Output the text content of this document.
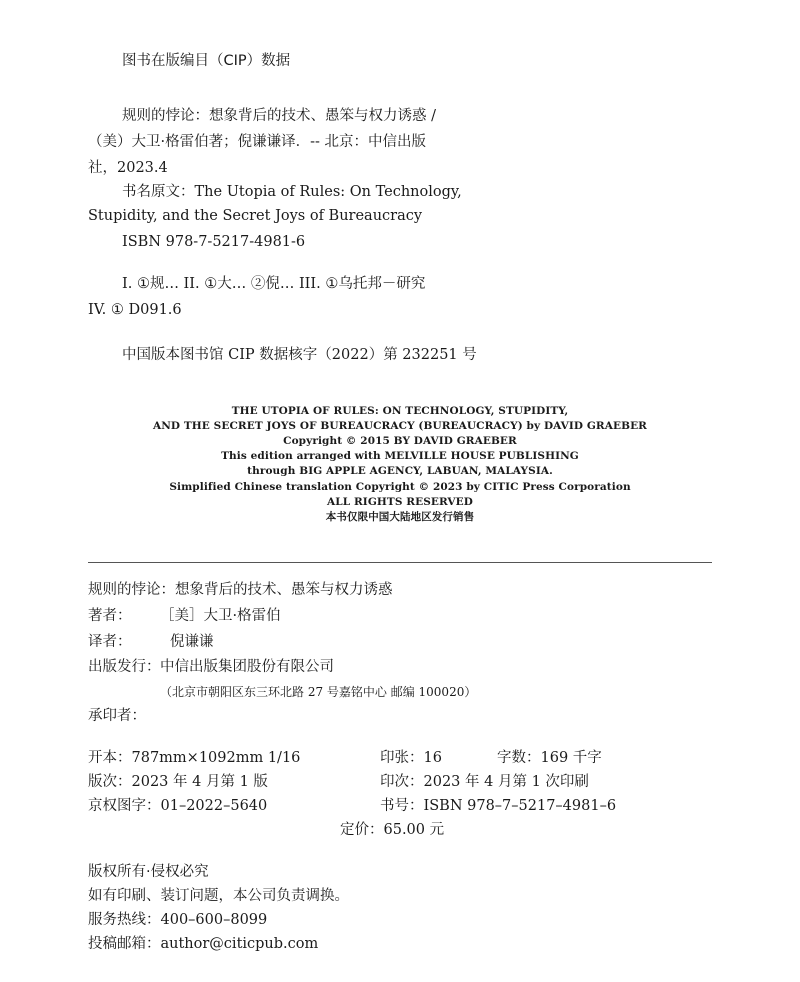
图书在版编目（CIP）数据
规则的悖论：想象背后的技术、愚笨与权力诱惑 /
（美）大卫·格雷伯著；倪谦谦译．-- 北京：中信出版
社，2023.4
书名原文：The Utopia of Rules: On Technology,
Stupidity, and the Secret Joys of Bureaucracy
ISBN 978-7-5217-4981-6
I. ①规… II. ①大… ②倪… III. ①乌托邦－研究
IV. ① D091.6
中国版本图书馆 CIP 数据核字（2022）第 232251 号
THE UTOPIA OF RULES: ON TECHNOLOGY, STUPIDITY,
AND THE SECRET JOYS OF BUREAUCRACY (BUREAUCRACY) by DAVID GRAEBER
Copyright © 2015 BY DAVID GRAEBER
This edition arranged with MELVILLE HOUSE PUBLISHING
through BIG APPLE AGENCY, LABUAN, MALAYSIA.
Simplified Chinese translation Copyright © 2023 by CITIC Press Corporation
ALL RIGHTS RESERVED
本书仅限中国大陆地区发行销售
规则的悖论：想象背后的技术、愚笨与权力诱惑
著者： ［美］大卫·格雷伯
译者：	倪谦谦
出版发行： 中信出版集团股份有限公司
（北京市朝阳区东三环北路 27 号嘉铭中心 邮编 100020）
承印者：
开本：787mm×1092mm 1/16	印张：16	字数：169 千字
版次：2023 年 4 月第 1 版	印次：2023 年 4 月第 1 次印刷
京权图字：01–2022–5640	书号：ISBN 978–7–5217–4981–6
定价：65.00 元
版权所有·侵权必究
如有印刷、装订问题，本公司负责调换。
服务热线：400–600–8099
投稿邮箱：author@citicpub.com
